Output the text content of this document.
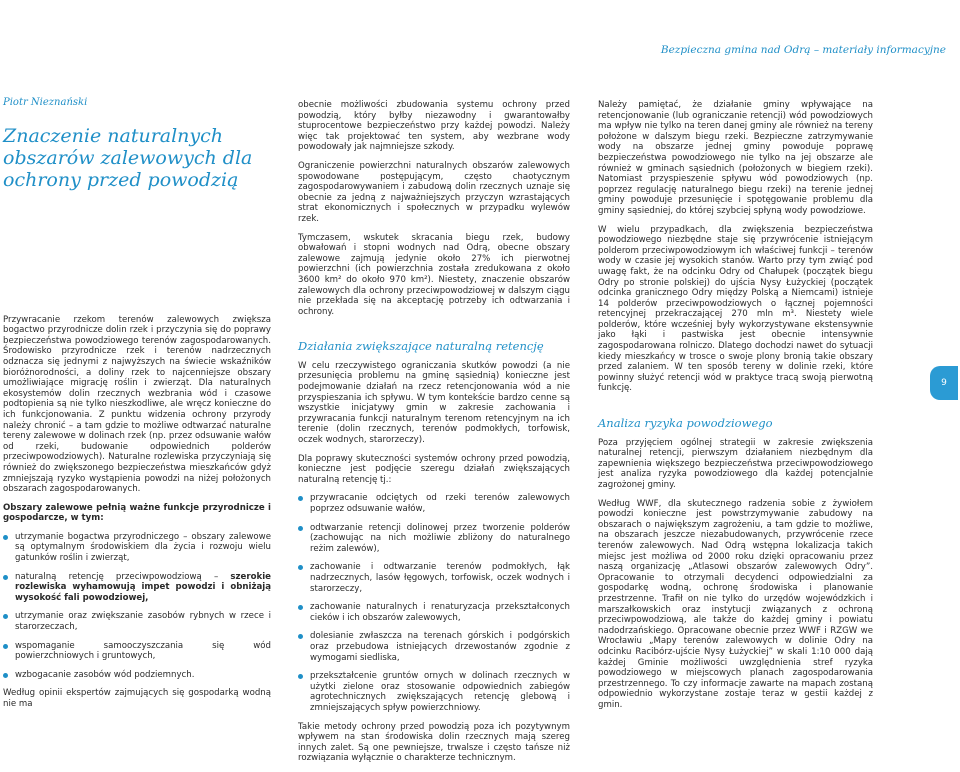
Bezpieczna gmina nad Odrą – materiały informacyjne
Piotr Nieznański
Znaczenie naturalnych obszarów zalewowych dla ochrony przed powodzią

Przywracanie rzekom terenów zalewowych zwiększa bogactwo przyrodnicze dolin rzek i przyczynia się do poprawy bezpieczeństwa powodziowego terenów zagospodarowanych. Środowisko przyrodnicze rzek i terenów nadrzecznych odznacza się jednymi z najwyższych na świecie wskaźników bioróżnorodności, a doliny rzek to najcenniejsze obszary umożliwiające migrację roślin i zwierząt. Dla naturalnych ekosystemów dolin rzecznych wezbrania wód i czasowe podtopienia są nie tylko nieszkodliwe, ale wręcz konieczne do ich funkcjonowania. Z punktu widzenia ochrony przyrody należy chronić – a tam gdzie to możliwe odtwarzać naturalne tereny zalewowe w dolinach rzek (np. przez odsuwanie wałów od rzeki, budowanie odpowiednich polderów przeciwpowodziowych). Naturalne rozlewiska przyczyniają się również do zwiększonego bezpieczeństwa mieszkańców gdyż zmniejszają ryzyko wystąpienia powodzi na niżej położonych obszarach zagospodarowanych.

Obszary zalewowe pełnią ważne funkcje przyrodnicze i gospodarcze, w tym:

utrzymanie bogactwa przyrodniczego – obszary zalewowe są optymalnym środowiskiem dla życia i rozwoju wielu gatunków roślin i zwierząt,
naturalną retencję przeciwpowodziową – szerokie rozlewiska wyhamowują impet powodzi i obniżają wysokość fali powodziowej,
utrzymanie oraz zwiększanie zasobów rybnych w rzece i starorzeczach,
wspomaganie samooczyszczania się wód powierzchniowych i gruntowych,
wzbogacanie zasobów wód podziemnych.

Według opinii ekspertów zajmujących się gospodarką wodną nie ma

obecnie możliwości zbudowania systemu ochrony przed powodzią, który byłby niezawodny i gwarantowałby stuprocentowe bezpieczeństwo przy każdej powodzi. Należy więc tak projektować ten system, aby wezbrane wody powodowały jak najmniejsze szkody.

Ograniczenie powierzchni naturalnych obszarów zalewowych spowodowane postępującym, często chaotycznym zagospodarowywaniem i zabudową dolin rzecznych uznaje się obecnie za jedną z najważniejszych przyczyn wzrastających strat ekonomicznych i społecznych w przypadku wylewów rzek.

Tymczasem, wskutek skracania biegu rzek, budowy obwałowań i stopni wodnych nad Odrą, obecne obszary zalewowe zajmują jedynie około 27% ich pierwotnej powierzchni (ich powierzchnia została zredukowana z około 3600 km² do około 970 km²). Niestety, znaczenie obszarów zalewowych dla ochrony przeciwpowodziowej w dalszym ciągu nie przekłada się na akceptację potrzeby ich odtwarzania i ochrony.

Działania zwiększające naturalną retencję

W celu rzeczywistego ograniczania skutków powodzi (a nie przesunięcia problemu na gminę sąsiednią) konieczne jest podejmowanie działań na rzecz retencjonowania wód a nie przyspieszania ich spływu. W tym kontekście bardzo cenne są wszystkie inicjatywy gmin w zakresie zachowania i przywracania funkcji naturalnym terenom retencyjnym na ich terenie (dolin rzecznych, terenów podmokłych, torfowisk, oczek wodnych, starorzeczy).

Dla poprawy skuteczności systemów ochrony przed powodzią, konieczne jest podjęcie szeregu działań zwiększających naturalną retencję tj.:

przywracanie odciętych od rzeki terenów zalewowych poprzez odsuwanie wałów,
odtwarzanie retencji dolinowej przez tworzenie polderów (zachowując na nich możliwie zbliżony do naturalnego reżim zalewów),
zachowanie i odtwarzanie terenów podmokłych, łąk nadrzecznych, lasów łęgowych, torfowisk, oczek wodnych i starorzeczy,
zachowanie naturalnych i renaturyzacja przekształconych cieków i ich obszarów zalewowych,
dolesianie zwłaszcza na terenach górskich i podgórskich oraz przebudowa istniejących drzewostanów zgodnie z wymogami siedliska,
przekształcenie gruntów ornych w dolinach rzecznych w użytki zielone oraz stosowanie odpowiednich zabiegów agrotechnicznych zwiększających retencję glebową i zmniejszających spływ powierzchniowy.

Takie metody ochrony przed powodzią poza ich pozytywnym wpływem na stan środowiska dolin rzecznych mają szereg innych zalet. Są one pewniejsze, trwalsze i często tańsze niż rozwiązania wyłącznie o charakterze technicznym.

Należy pamiętać, że działanie gminy wpływające na retencjonowanie (lub ograniczanie retencji) wód powodziowych ma wpływ nie tylko na teren danej gminy ale również na tereny położone w dalszym biegu rzeki. Bezpieczne zatrzymywanie wody na obszarze jednej gminy powoduje poprawę bezpieczeństwa powodziowego nie tylko na jej obszarze ale również w gminach sąsiednich (położonych w biegiem rzeki). Natomiast przyspieszenie spływu wód powodziowych (np. poprzez regulację naturalnego biegu rzeki) na terenie jednej gminy powoduje przesunięcie i spotęgowanie problemu dla gminy sąsiedniej, do której szybciej spłyną wody powodziowe.

W wielu przypadkach, dla zwiększenia bezpieczeństwa powodziowego niezbędne staje się przywrócenie istniejącym polderom przeciwpowodziowym ich właściwej funkcji – terenów wody w czasie jej wysokich stanów. Warto przy tym zwiąć pod uwagę fakt, że na odcinku Odry od Chałupek (początek biegu Odry po stronie polskiej) do ujścia Nysy Łużyckiej (początek odcinka granicznego Odry między Polską a Niemcami) istnieje 14 polderów przeciwpowodziowych o łącznej pojemności retencyjnej przekraczającej 270 mln m³. Niestety wiele polderów, które wcześniej były wykorzystywane ekstensywnie jako łąki i pastwiska jest obecnie intensywnie zagospodarowana rolniczo. Dlatego dochodzi nawet do sytuacji kiedy mieszkańcy w trosce o swoje plony bronią takie obszary przed zalaniem. W ten sposób tereny w dolinie rzeki, które powinny służyć retencji wód w praktyce tracą swoją pierwotną funkcję.

Analiza ryzyka powodziowego

Poza przyjęciem ogólnej strategii w zakresie zwiększenia naturalnej retencji, pierwszym działaniem niezbędnym dla zapewnienia większego bezpieczeństwa przeciwpowodziowego jest analiza ryzyka powodziowego dla każdej potencjalnie zagrożonej gminy.

Według WWF, dla skutecznego radzenia sobie z żywiołem powodzi konieczne jest powstrzymywanie zabudowy na obszarach o największym zagrożeniu, a tam gdzie to możliwe, na obszarach jeszcze niezabudowanych, przywrócenie rzece terenów zalewowych. Nad Odrą wstępna lokalizacja takich miejsc jest możliwa od 2000 roku dzięki opracowaniu przez naszą organizację „Atlasowi obszarów zalewowych Odry”. Opracowanie to otrzymali decydenci odpowiedzialni za gospodarkę wodną, ochronę środowiska i planowanie przestrzenne. Trafił on nie tylko do urzędów wojewódzkich i marszałkowskich oraz instytucji związanych z ochroną przeciwpowodziową, ale także do każdej gminy i powiatu nadodrzańskiego. Opracowane obecnie przez WWF i RZGW we Wrocławiu „Mapy terenów zalewowych w dolinie Odry na odcinku Racibórz-ujście Nysy Łużyckiej” w skali 1:10 000 dają każdej Gminie możliwości uwzględnienia stref ryzyka powodziowego w miejscowych planach zagospodarowania przestrzennego. To czy informacje zawarte na mapach zostaną odpowiednio wykorzystane zostaje teraz w gestii każdej z gmin.

9
